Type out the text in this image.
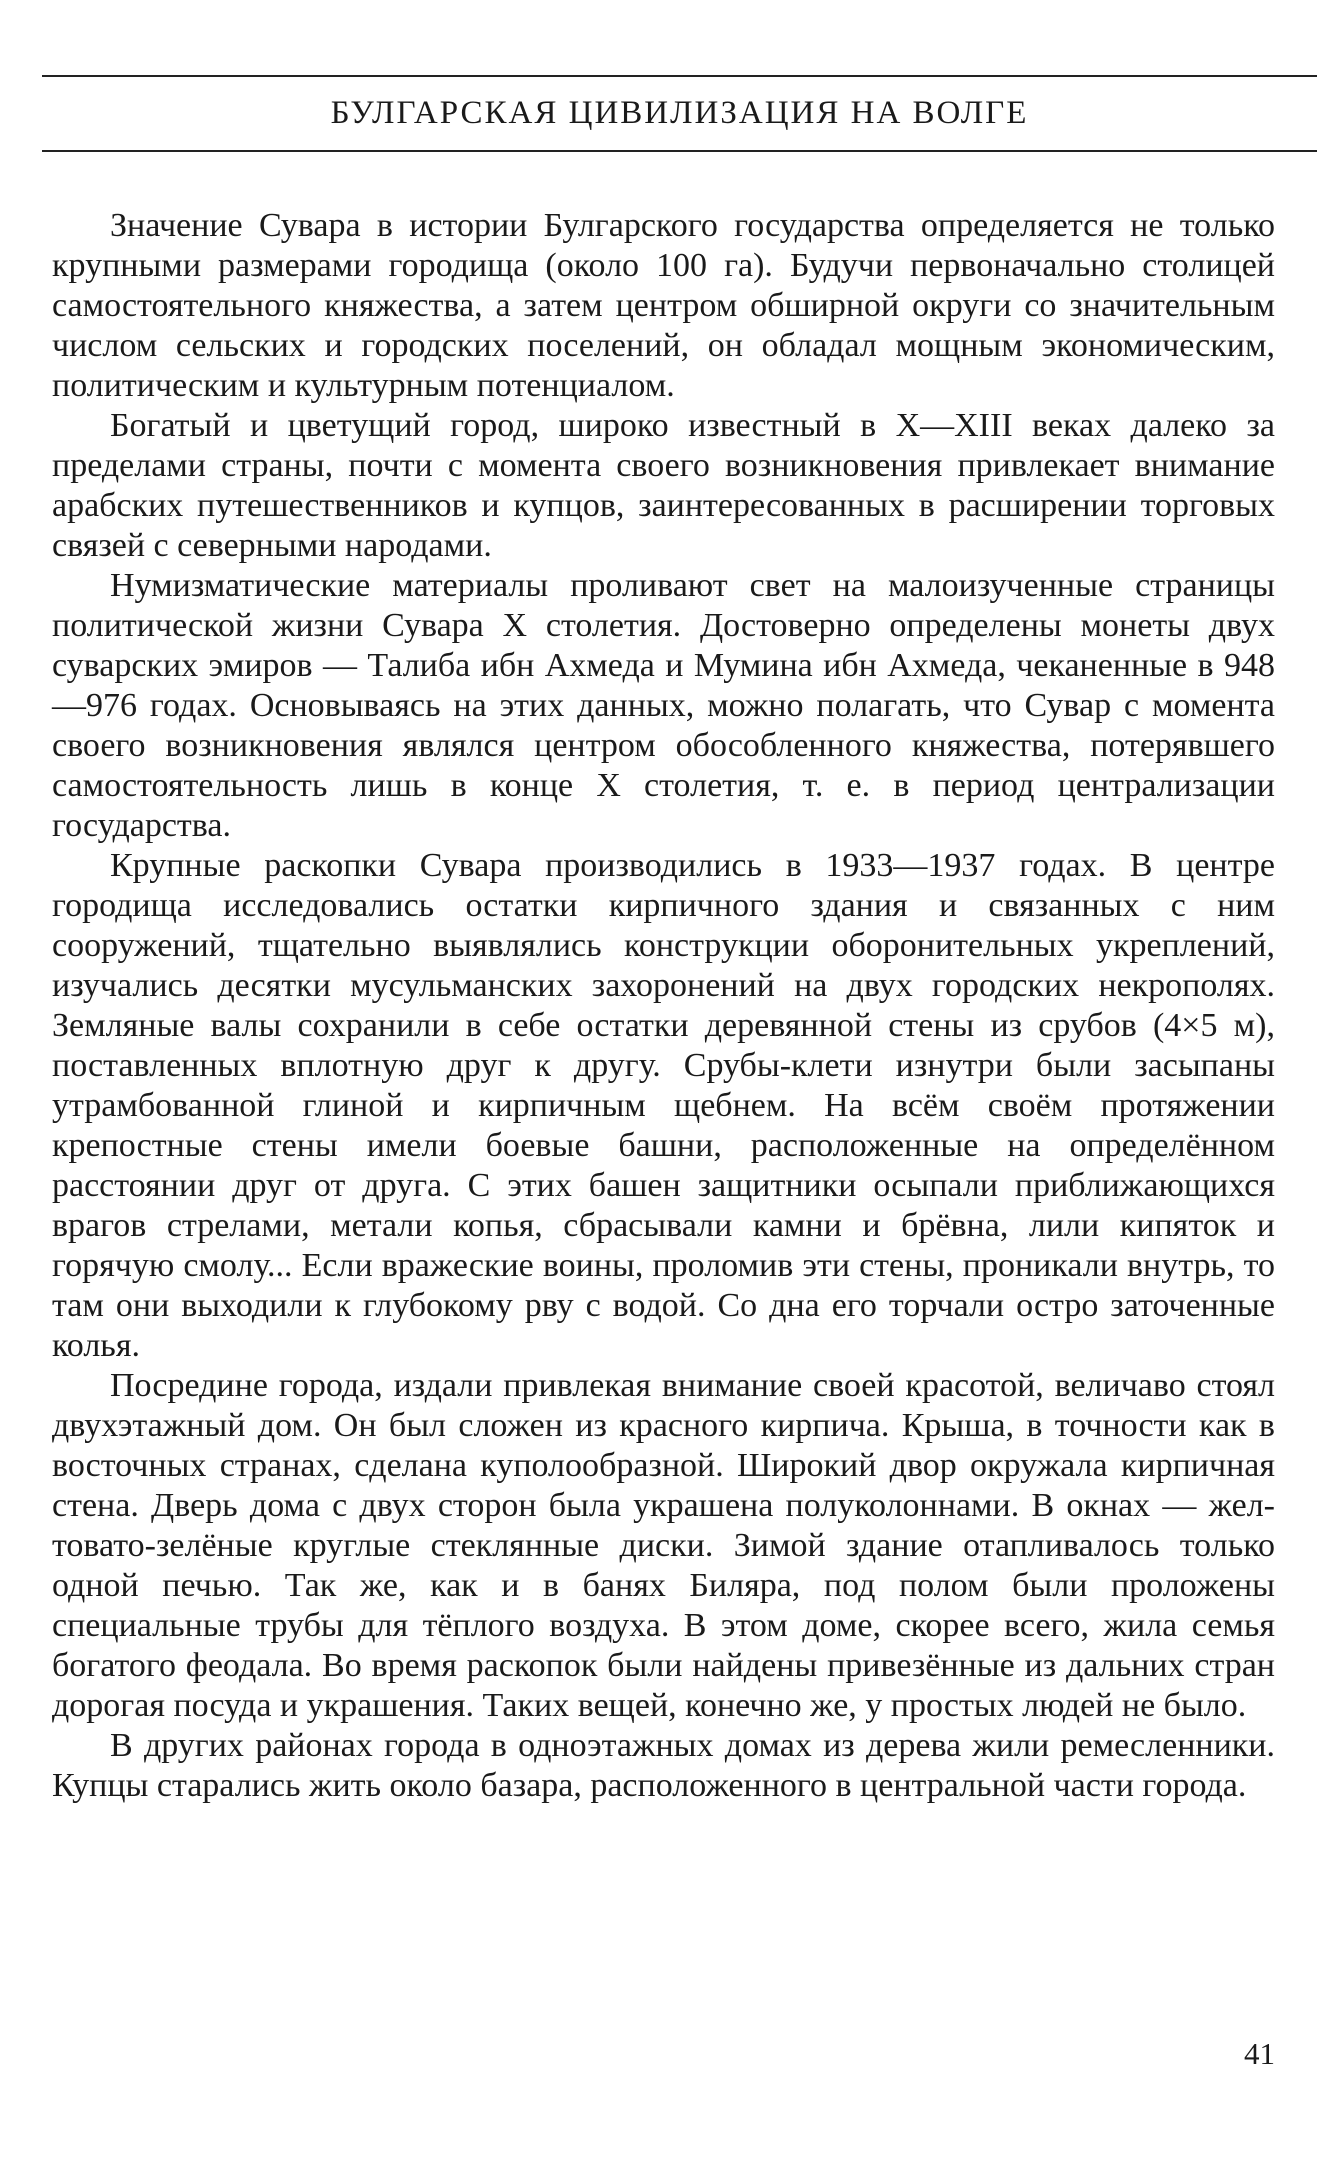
БУЛГАРСКАЯ ЦИВИЛИЗАЦИЯ НА ВОЛГЕ

Значение Сувара в истории Булгарского государства определяется не только крупными размерами городища (около 100 га). Будучи первоначально столицей самостоятельного княжества, а затем центром обширной округи со значительным числом сельских и городских поселений, он обладал мощным экономическим, политическим и культурным потенциалом.

Богатый и цветущий город, широко известный в X—XIII веках далеко за пределами страны, почти с момента своего возникновения привлекает внимание арабских путешественников и купцов, заинтересованных в расширении торговых связей с северными народами.

Нумизматические материалы проливают свет на малоизученные страницы политической жизни Сувара X столетия. Достоверно определены монеты двух суварских эмиров — Талиба ибн Ахмеда и Мумина ибн Ахмеда, чеканенные в 948—976 годах. Основываясь на этих данных, можно полагать, что Сувар с момента своего возникновения являлся центром обособленного княжества, потерявшего самостоятельность лишь в конце X столетия, т. е. в период централизации государства.

Крупные раскопки Сувара производились в 1933—1937 годах. В центре городища исследовались остатки кирпичного здания и связанных с ним сооружений, тщательно выявлялись конструкции оборонительных укреплений, изучались десятки мусульманских захоронений на двух городских некрополях. Земляные валы сохранили в себе остатки деревянной стены из срубов (4×5 м), поставленных вплотную друг к другу. Срубы-клети изнутри были засыпаны утрамбованной глиной и кирпичным щебнем. На всём своём протяжении крепостные стены имели боевые башни, расположенные на определённом расстоянии друг от друга. С этих башен защитники осыпали приближающихся врагов стрелами, метали копья, сбрасывали камни и брёвна, лили кипяток и горячую смолу... Если вражеские воины, проломив эти стены, проникали внутрь, то там они выходили к глубокому рву с водой. Со дна его торчали остро заточенные колья.

Посредине города, издали привлекая внимание своей красотой, величаво стоял двухэтажный дом. Он был сложен из красного кирпича. Крыша, в точности как в восточных странах, сделана куполообразной. Широкий двор окружала кирпичная стена. Дверь дома с двух сторон была украшена полуколоннами. В окнах — желтовато-зелёные круглые стеклянные диски. Зимой здание отапливалось только одной печью. Так же, как и в банях Биляра, под полом были проложены специальные трубы для тёплого воздуха. В этом доме, скорее всего, жила семья богатого феодала. Во время раскопок были найдены привезённые из дальних стран дорогая посуда и украшения. Таких вещей, конечно же, у простых людей не было.

В других районах города в одноэтажных домах из дерева жили ремесленники. Купцы старались жить около базара, расположенного в центральной части города.

41
